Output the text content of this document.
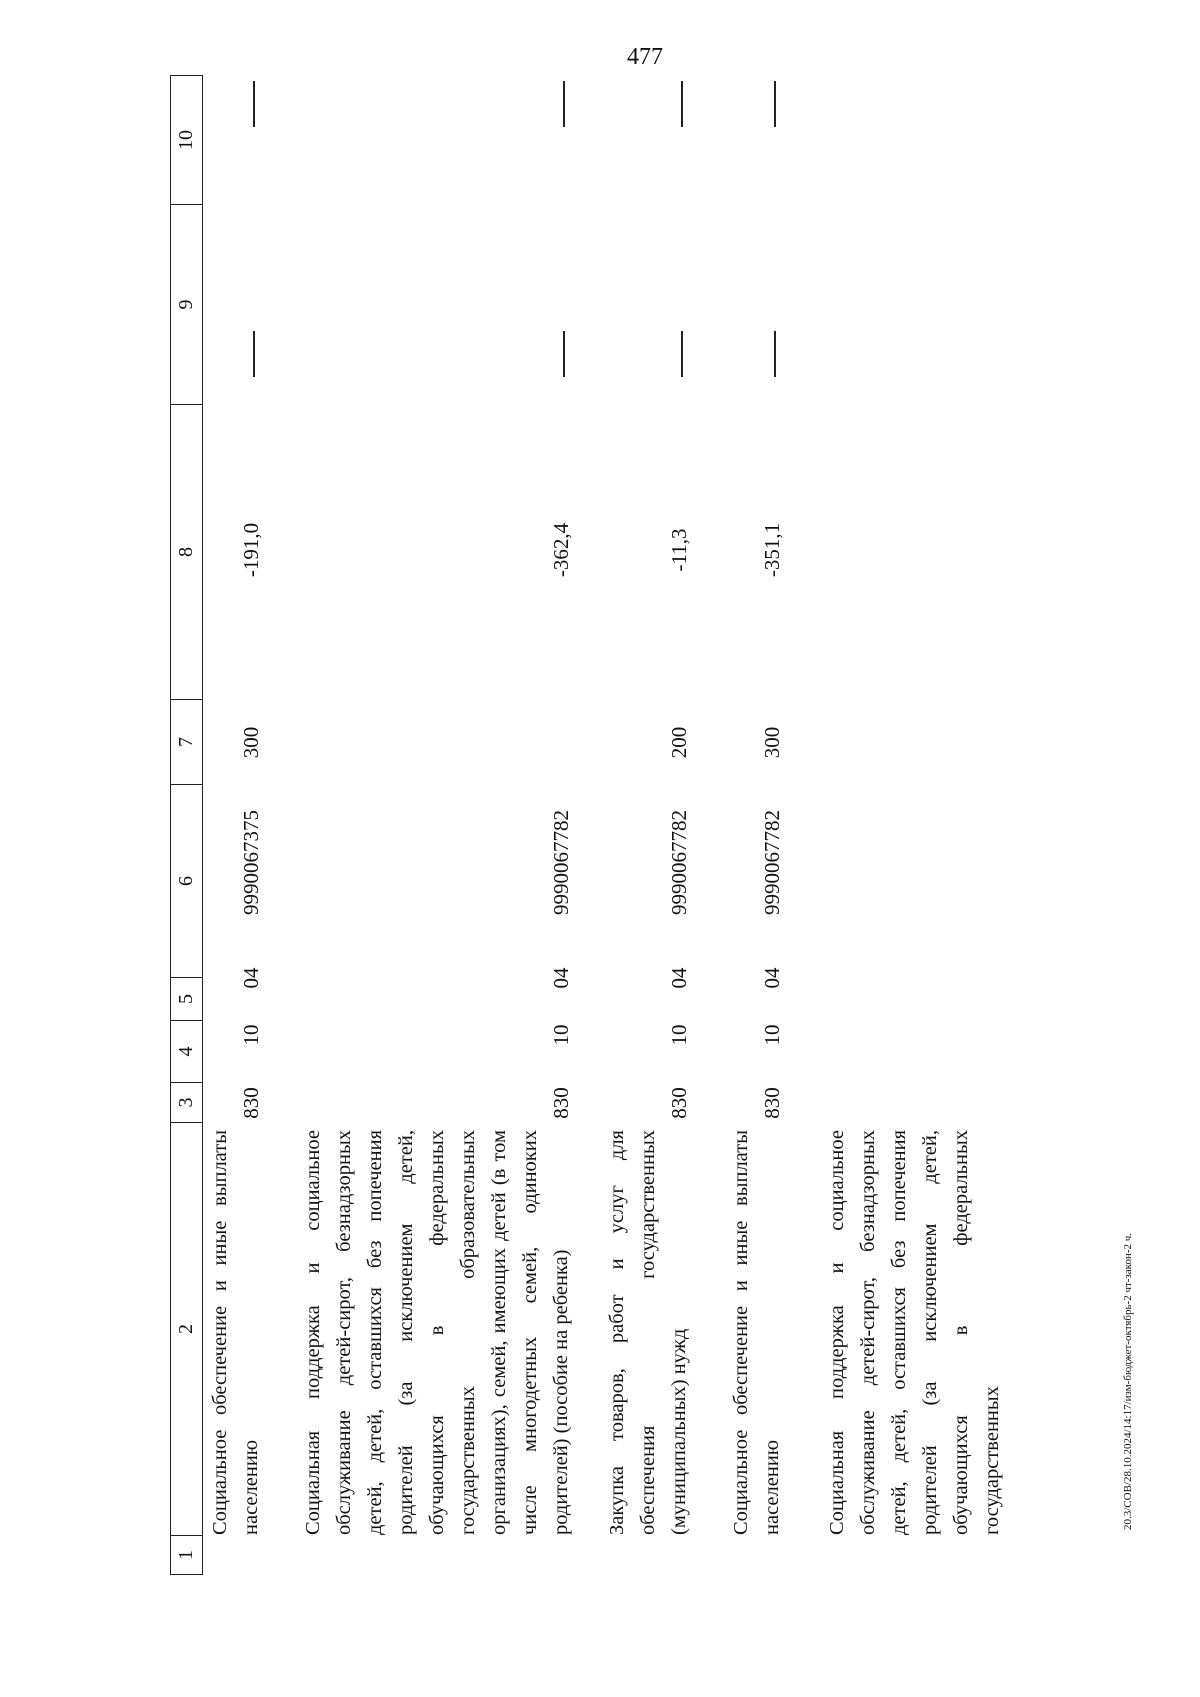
477
20.3/СОВ/28.10.2024/14:17/изм-бюджет-октябрь-2 чт-закон-2 ч.
1
2
3
4
5
6
7
8
9
10
Социальное обеспечение и иные выплаты населению
830
10
04
9990067375
300
-191,0
Социальная поддержка и социальное обслуживание детей-сирот, безнадзорных детей, детей, оставшихся без попечения родителей (за исключением детей, обучающихся в федеральных государственных образовательных организациях), семей, имеющих детей (в том числе многодетных семей, одиноких родителей) (пособие на ребенка)
830
10
04
9990067782
-362,4
Закупка товаров, работ и услуг для обеспечения государственных (муниципальных) нужд
830
10
04
9990067782
200
-11,3
Социальное обеспечение и иные выплаты населению
830
10
04
9990067782
300
-351,1
Социальная поддержка и социальное обслуживание детей-сирот, безнадзорных детей, детей, оставшихся без попечения родителей (за исключением детей, обучающихся в федеральных государственных
